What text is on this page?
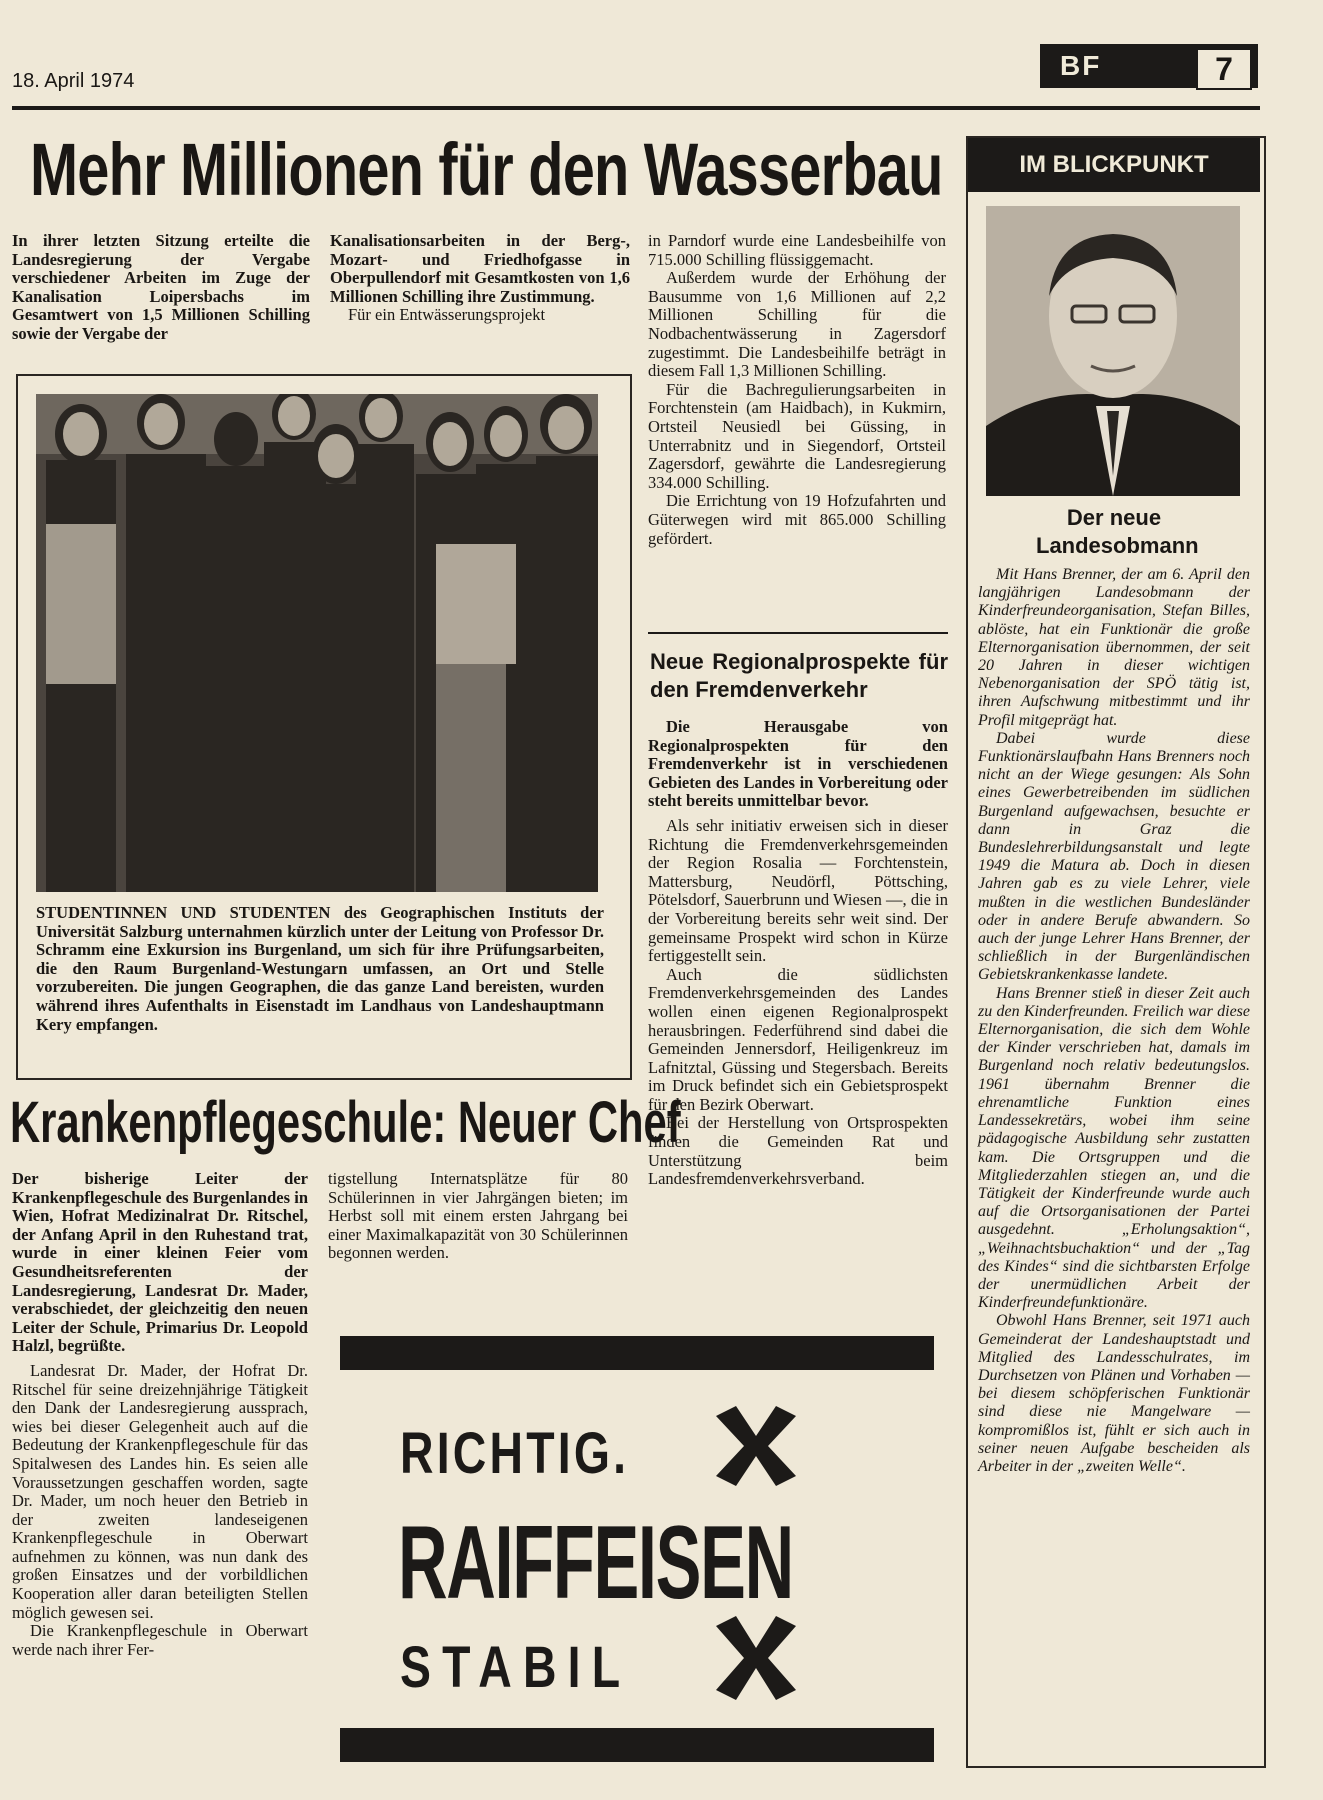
18. April 1974	BF	7
Mehr Millionen für den Wasserbau
In ihrer letzten Sitzung erteilte die Landesregierung der Vergabe verschiedener Arbeiten im Zuge der Kanalisation Loipersbachs im Gesamtwert von 1,5 Millionen Schilling sowie der Vergabe der

Kanalisationsarbeiten in der Berg-, Mozart- und Friedhofgasse in Oberpullendorf mit Gesamtkosten von 1,6 Millionen Schilling ihre Zustimmung.

Für ein Entwässerungsprojekt

in Parndorf wurde eine Landesbeihilfe von 715.000 Schilling flüssiggemacht.

Außerdem wurde der Erhöhung der Bausumme von 1,6 Millionen auf 2,2 Millionen Schilling für die Nodbachentwässerung in Zagersdorf zugestimmt. Die Landesbeihilfe beträgt in diesem Fall 1,3 Millionen Schilling.

Für die Bachregulierungsarbeiten in Forchtenstein (am Haidbach), in Kukmirn, Ortsteil Neusiedl bei Güssing, in Unterrabnitz und in Siegendorf, Ortsteil Zagersdorf, gewährte die Landesregierung 334.000 Schilling.

Die Errichtung von 19 Hofzufahrten und Güterwegen wird mit 865.000 Schilling gefördert.

STUDENTINNEN UND STUDENTEN des Geographischen Instituts der Universität Salzburg unternahmen kürzlich unter der Leitung von Professor Dr. Schramm eine Exkursion ins Burgenland, um sich für ihre Prüfungsarbeiten, die den Raum Burgenland-Westungarn umfassen, an Ort und Stelle vorzubereiten. Die jungen Geographen, die das ganze Land bereisten, wurden während ihres Aufenthalts in Eisenstadt im Landhaus von Landeshauptmann Kery empfangen.
Neue Regionalprospekte für den Fremdenverkehr

Die Herausgabe von Regionalprospekten für den Fremdenverkehr ist in verschiedenen Gebieten des Landes in Vorbereitung oder steht bereits unmittelbar bevor.

Als sehr initiativ erweisen sich in dieser Richtung die Fremdenverkehrsgemeinden der Region Rosalia — Forchtenstein, Mattersburg, Neudörfl, Pöttsching, Pötelsdorf, Sauerbrunn und Wiesen —, die in der Vorbereitung bereits sehr weit sind. Der gemeinsame Prospekt wird schon in Kürze fertiggestellt sein.

Auch die südlichsten Fremdenverkehrsgemeinden des Landes wollen einen eigenen Regionalprospekt herausbringen. Federführend sind dabei die Gemeinden Jennersdorf, Heiligenkreuz im Lafnitztal, Güssing und Stegersbach. Bereits im Druck befindet sich ein Gebietsprospekt für den Bezirk Oberwart.

Bei der Herstellung von Ortsprospekten finden die Gemeinden Rat und Unterstützung beim Landesfremdenverkehrsverband.

Krankenpflegeschule: Neuer Chef

Der bisherige Leiter der Krankenpflegeschule des Burgenlandes in Wien, Hofrat Medizinalrat Dr. Ritschel, der Anfang April in den Ruhestand trat, wurde in einer kleinen Feier vom Gesundheitsreferenten der Landesregierung, Landesrat Dr. Mader, verabschiedet, der gleichzeitig den neuen Leiter der Schule, Primarius Dr. Leopold Halzl, begrüßte.

Landesrat Dr. Mader, der Hofrat Dr. Ritschel für seine dreizehnjährige Tätigkeit den Dank der Landesregierung aussprach, wies bei dieser Gelegenheit auch auf die Bedeutung der Krankenpflegeschule für das Spitalwesen des Landes hin. Es seien alle Voraussetzungen geschaffen worden, sagte Dr. Mader, um noch heuer den Betrieb in der zweiten landeseigenen Krankenpflegeschule in Oberwart aufnehmen zu können, was nun dank des großen Einsatzes und der vorbildlichen Kooperation aller daran beteiligten Stellen möglich gewesen sei.

Die Krankenpflegeschule in Oberwart werde nach ihrer Fer-

tigstellung Internatsplätze für 80 Schülerinnen in vier Jahrgängen bieten; im Herbst soll mit einem ersten Jahrgang bei einer Maximalkapazität von 30 Schülerinnen begonnen werden.
RICHTIG.
RAIFFEISEN
STABIL
IM BLICKPUNKT
Der neue Landesobmann

Mit Hans Brenner, der am 6. April den langjährigen Landesobmann der Kinderfreundeorganisation, Stefan Billes, ablöste, hat ein Funktionär die große Elternorganisation übernommen, der seit 20 Jahren in dieser wichtigen Nebenorganisation der SPÖ tätig ist, ihren Aufschwung mitbestimmt und ihr Profil mitgeprägt hat.

Dabei wurde diese Funktionärslaufbahn Hans Brenners noch nicht an der Wiege gesungen: Als Sohn eines Gewerbetreibenden im südlichen Burgenland aufgewachsen, besuchte er dann in Graz die Bundeslehrerbildungsanstalt und legte 1949 die Matura ab. Doch in diesen Jahren gab es zu viele Lehrer, viele mußten in die westlichen Bundesländer oder in andere Berufe abwandern. So auch der junge Lehrer Hans Brenner, der schließlich in der Burgenländischen Gebietskrankenkasse landete.

Hans Brenner stieß in dieser Zeit auch zu den Kinderfreunden. Freilich war diese Elternorganisation, die sich dem Wohle der Kinder verschrieben hat, damals im Burgenland noch relativ bedeutungslos. 1961 übernahm Brenner die ehrenamtliche Funktion eines Landessekretärs, wobei ihm seine pädagogische Ausbildung sehr zustatten kam. Die Ortsgruppen und die Mitgliederzahlen stiegen an, und die Tätigkeit der Kinderfreunde wurde auch auf die Ortsorganisationen der Partei ausgedehnt. „Erholungsaktion“, „Weihnachtsbuchaktion“ und der „Tag des Kindes“ sind die sichtbarsten Erfolge der unermüdlichen Arbeit der Kinderfreundefunktionäre.

Obwohl Hans Brenner, seit 1971 auch Gemeinderat der Landeshauptstadt und Mitglied des Landesschulrates, im Durchsetzen von Plänen und Vorhaben — bei diesem schöpferischen Funktionär sind diese nie Mangelware — kompromißlos ist, fühlt er sich auch in seiner neuen Aufgabe bescheiden als Arbeiter in der „zweiten Welle“.
